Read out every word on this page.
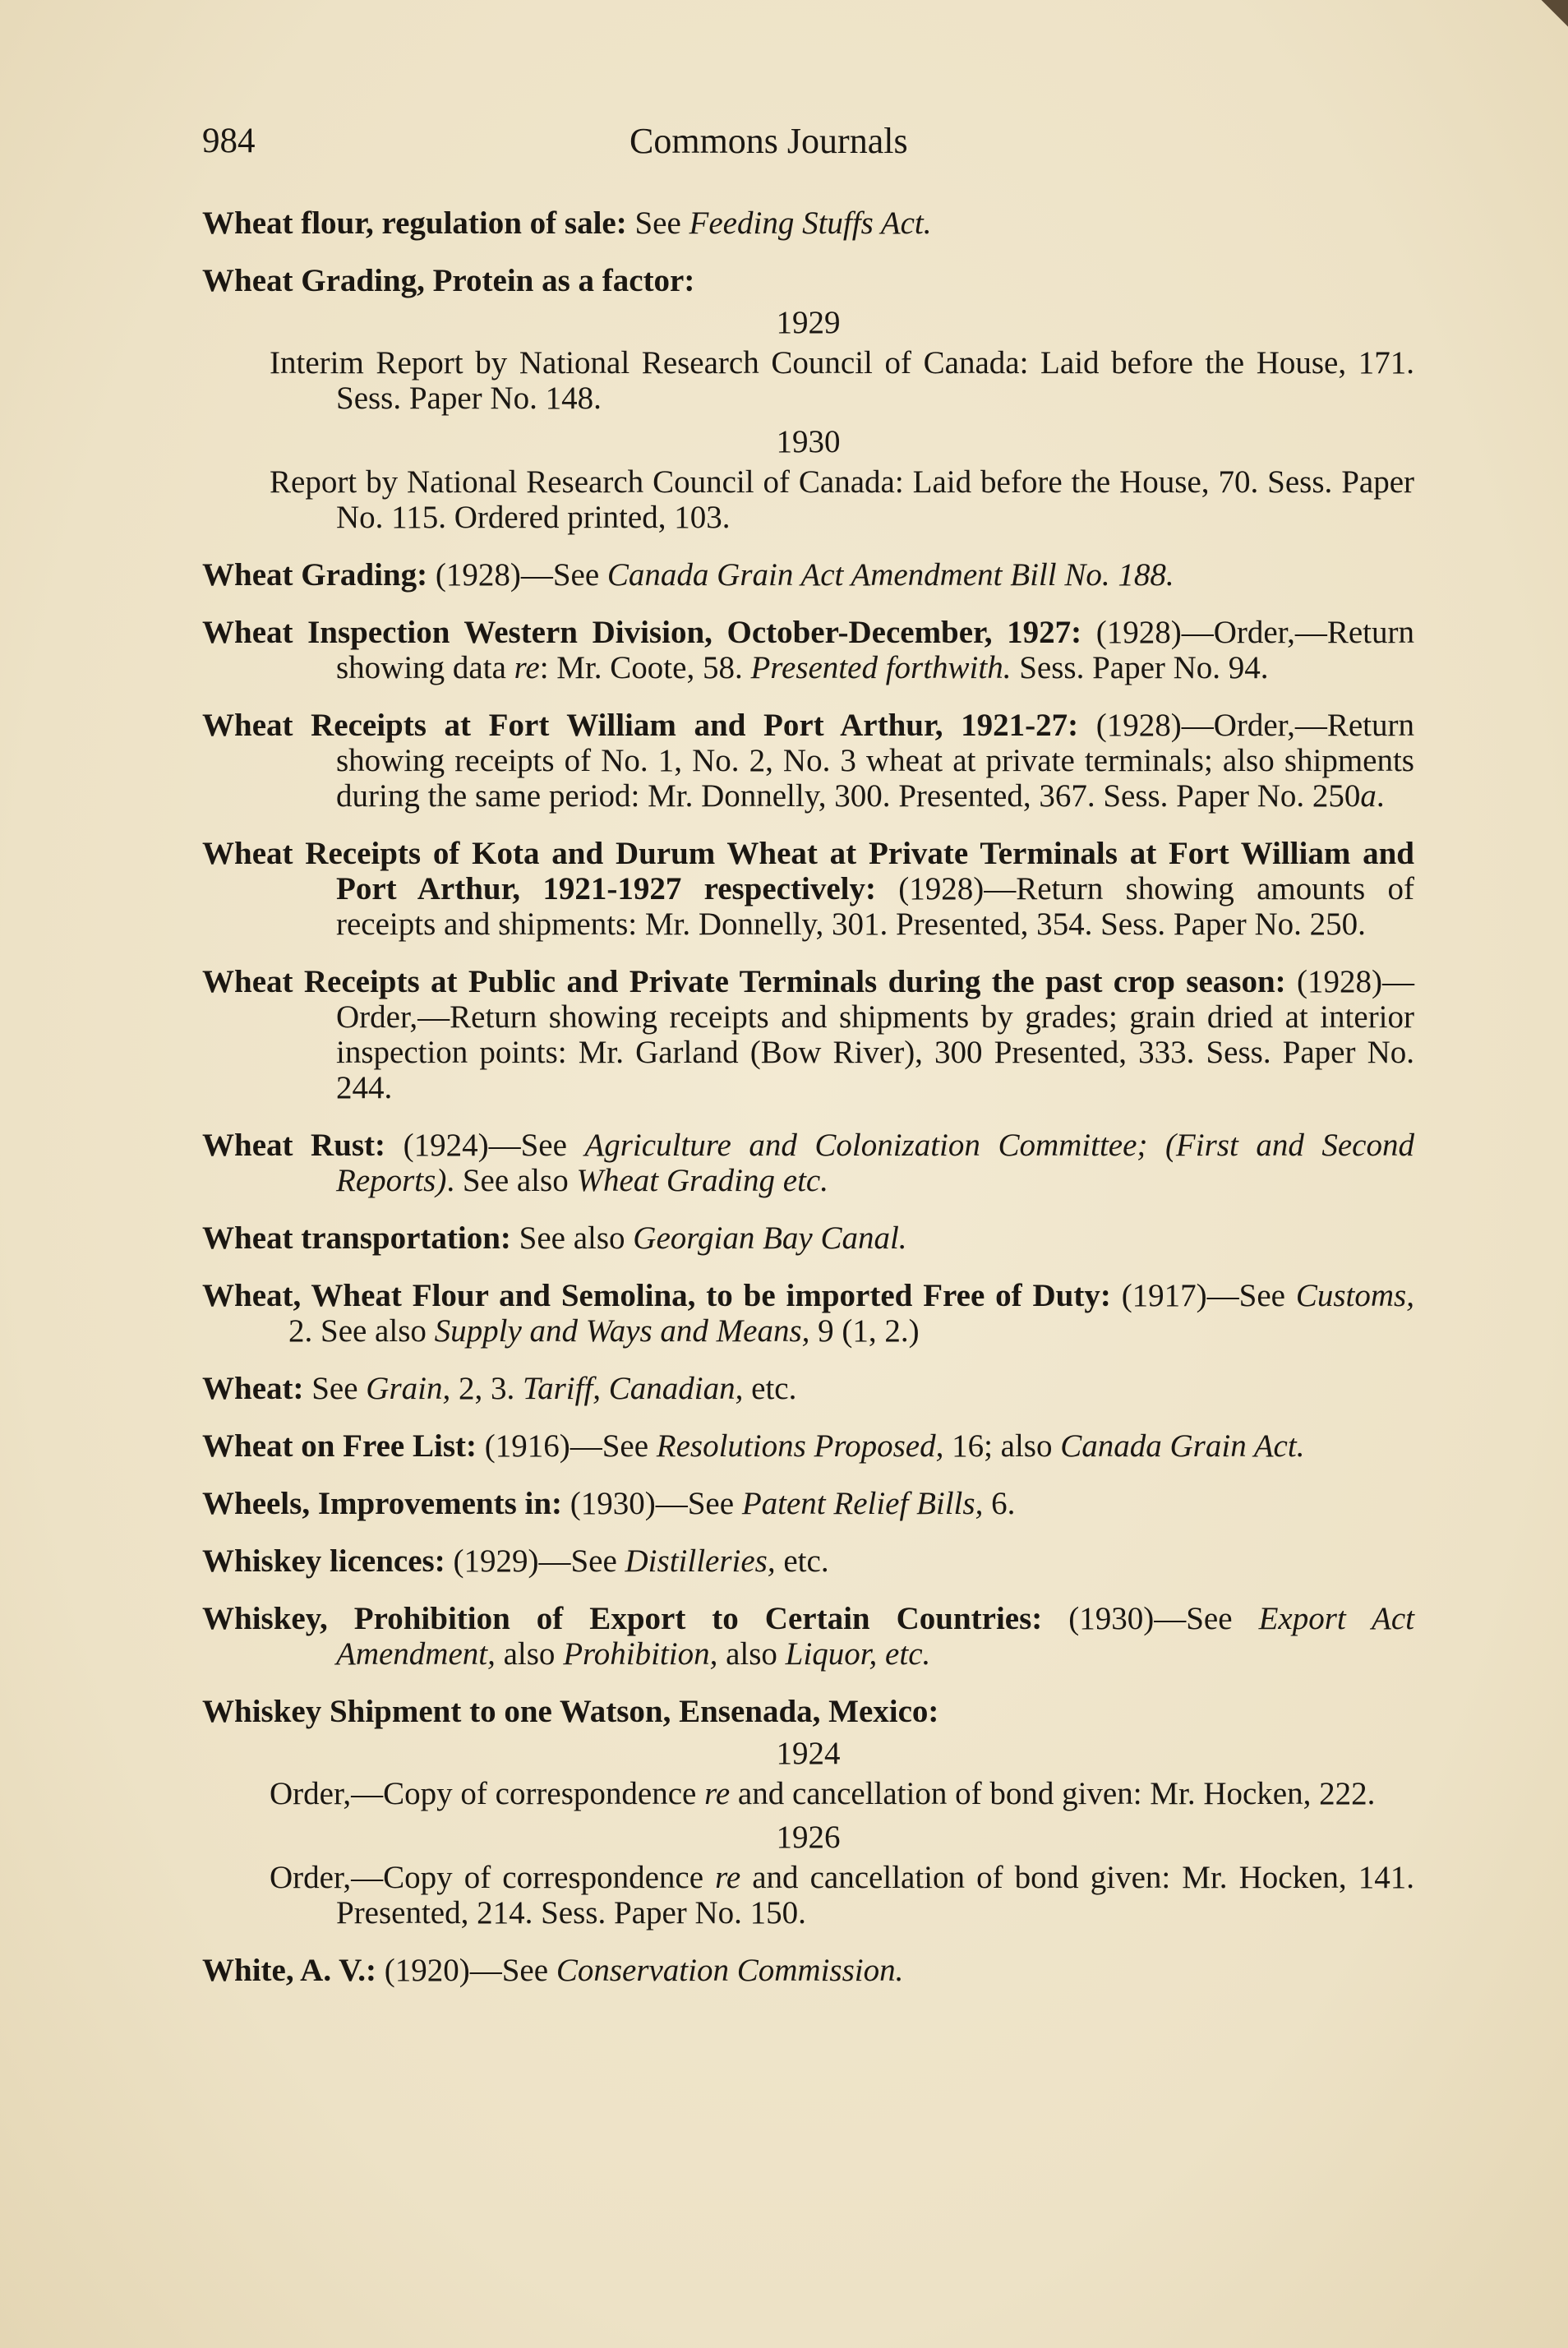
984	Commons Journals

Wheat flour, regulation of sale: See Feeding Stuffs Act.

Wheat Grading, Protein as a factor:

1929

Interim Report by National Research Council of Canada: Laid before the House, 171. Sess. Paper No. 148.

1930

Report by National Research Council of Canada: Laid before the House, 70. Sess. Paper No. 115. Ordered printed, 103.

Wheat Grading: (1928)—See Canada Grain Act Amendment Bill No. 188.

Wheat Inspection Western Division, October-December, 1927: (1928)—Order,—Return showing data re: Mr. Coote, 58. Presented forthwith. Sess. Paper No. 94.

Wheat Receipts at Fort William and Port Arthur, 1921-27: (1928)—Order,—Return showing receipts of No. 1, No. 2, No. 3 wheat at private terminals; also shipments during the same period: Mr. Donnelly, 300. Presented, 367. Sess. Paper No. 250a.

Wheat Receipts of Kota and Durum Wheat at Private Terminals at Fort William and Port Arthur, 1921-1927 respectively: (1928)—Return showing amounts of receipts and shipments: Mr. Donnelly, 301. Presented, 354. Sess. Paper No. 250.

Wheat Receipts at Public and Private Terminals during the past crop season: (1928)—Order,—Return showing receipts and shipments by grades; grain dried at interior inspection points: Mr. Garland (Bow River), 300 Presented, 333. Sess. Paper No. 244.

Wheat Rust: (1924)—See Agriculture and Colonization Committee; (First and Second Reports). See also Wheat Grading etc.

Wheat transportation: See also Georgian Bay Canal.

Wheat, Wheat Flour and Semolina, to be imported Free of Duty: (1917)—See Customs, 2. See also Supply and Ways and Means, 9 (1, 2.)

Wheat: See Grain, 2, 3. Tariff, Canadian, etc.

Wheat on Free List: (1916)—See Resolutions Proposed, 16; also Canada Grain Act.

Wheels, Improvements in: (1930)—See Patent Relief Bills, 6.

Whiskey licences: (1929)—See Distilleries, etc.

Whiskey, Prohibition of Export to Certain Countries: (1930)—See Export Act Amendment, also Prohibition, also Liquor, etc.

Whiskey Shipment to one Watson, Ensenada, Mexico:

1924

Order,—Copy of correspondence re and cancellation of bond given: Mr. Hocken, 222.

1926

Order,—Copy of correspondence re and cancellation of bond given: Mr. Hocken, 141. Presented, 214. Sess. Paper No. 150.

White, A. V.: (1920)—See Conservation Commission.
